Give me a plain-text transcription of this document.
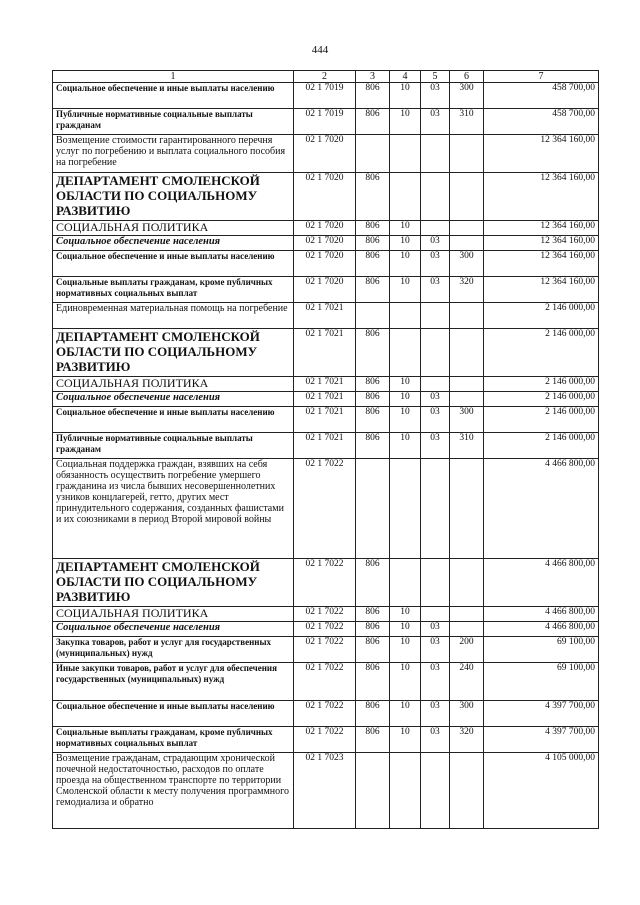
444
1	2	3	4	5	6	7
Социальное обеспечение и иные выплаты населению	02 1 7019	806	10	03	300	458 700,00
Публичные нормативные социальные выплаты гражданам	02 1 7019	806	10	03	310	458 700,00
Возмещение стоимости гарантированного перечня услуг по погребению и выплата социального пособия на погребение	02 1 7020					12 364 160,00
ДЕПАРТАМЕНТ СМОЛЕНСКОЙ ОБЛАСТИ ПО СОЦИАЛЬНОМУ РАЗВИТИЮ	02 1 7020	806				12 364 160,00
СОЦИАЛЬНАЯ ПОЛИТИКА	02 1 7020	806	10			12 364 160,00
Социальное обеспечение населения	02 1 7020	806	10	03		12 364 160,00
Социальное обеспечение и иные выплаты населению	02 1 7020	806	10	03	300	12 364 160,00
Социальные выплаты гражданам, кроме публичных нормативных социальных выплат	02 1 7020	806	10	03	320	12 364 160,00
Единовременная материальная помощь на погребение	02 1 7021					2 146 000,00
ДЕПАРТАМЕНТ СМОЛЕНСКОЙ ОБЛАСТИ ПО СОЦИАЛЬНОМУ РАЗВИТИЮ	02 1 7021	806				2 146 000,00
СОЦИАЛЬНАЯ ПОЛИТИКА	02 1 7021	806	10			2 146 000,00
Социальное обеспечение населения	02 1 7021	806	10	03		2 146 000,00
Социальное обеспечение и иные выплаты населению	02 1 7021	806	10	03	300	2 146 000,00
Публичные нормативные социальные выплаты гражданам	02 1 7021	806	10	03	310	2 146 000,00
Социальная поддержка граждан, взявших на себя обязанность осуществить погребение умершего гражданина из числа бывших несовершеннолетних узников концлагерей, гетто, других мест принудительного содержания, созданных фашистами и их союзниками в период Второй мировой войны	02 1 7022					4 466 800,00
ДЕПАРТАМЕНТ СМОЛЕНСКОЙ ОБЛАСТИ ПО СОЦИАЛЬНОМУ РАЗВИТИЮ	02 1 7022	806				4 466 800,00
СОЦИАЛЬНАЯ ПОЛИТИКА	02 1 7022	806	10			4 466 800,00
Социальное обеспечение населения	02 1 7022	806	10	03		4 466 800,00
Закупка товаров, работ и услуг для государственных (муниципальных) нужд	02 1 7022	806	10	03	200	69 100,00
Иные закупки товаров, работ и услуг для обеспечения государственных (муниципальных) нужд	02 1 7022	806	10	03	240	69 100,00
Социальное обеспечение и иные выплаты населению	02 1 7022	806	10	03	300	4 397 700,00
Социальные выплаты гражданам, кроме публичных нормативных социальных выплат	02 1 7022	806	10	03	320	4 397 700,00
Возмещение гражданам, страдающим хронической почечной недостаточностью, расходов по оплате проезда на общественном транспорте по территории Смоленской области к месту получения программного гемодиализа и обратно	02 1 7023					4 105 000,00
